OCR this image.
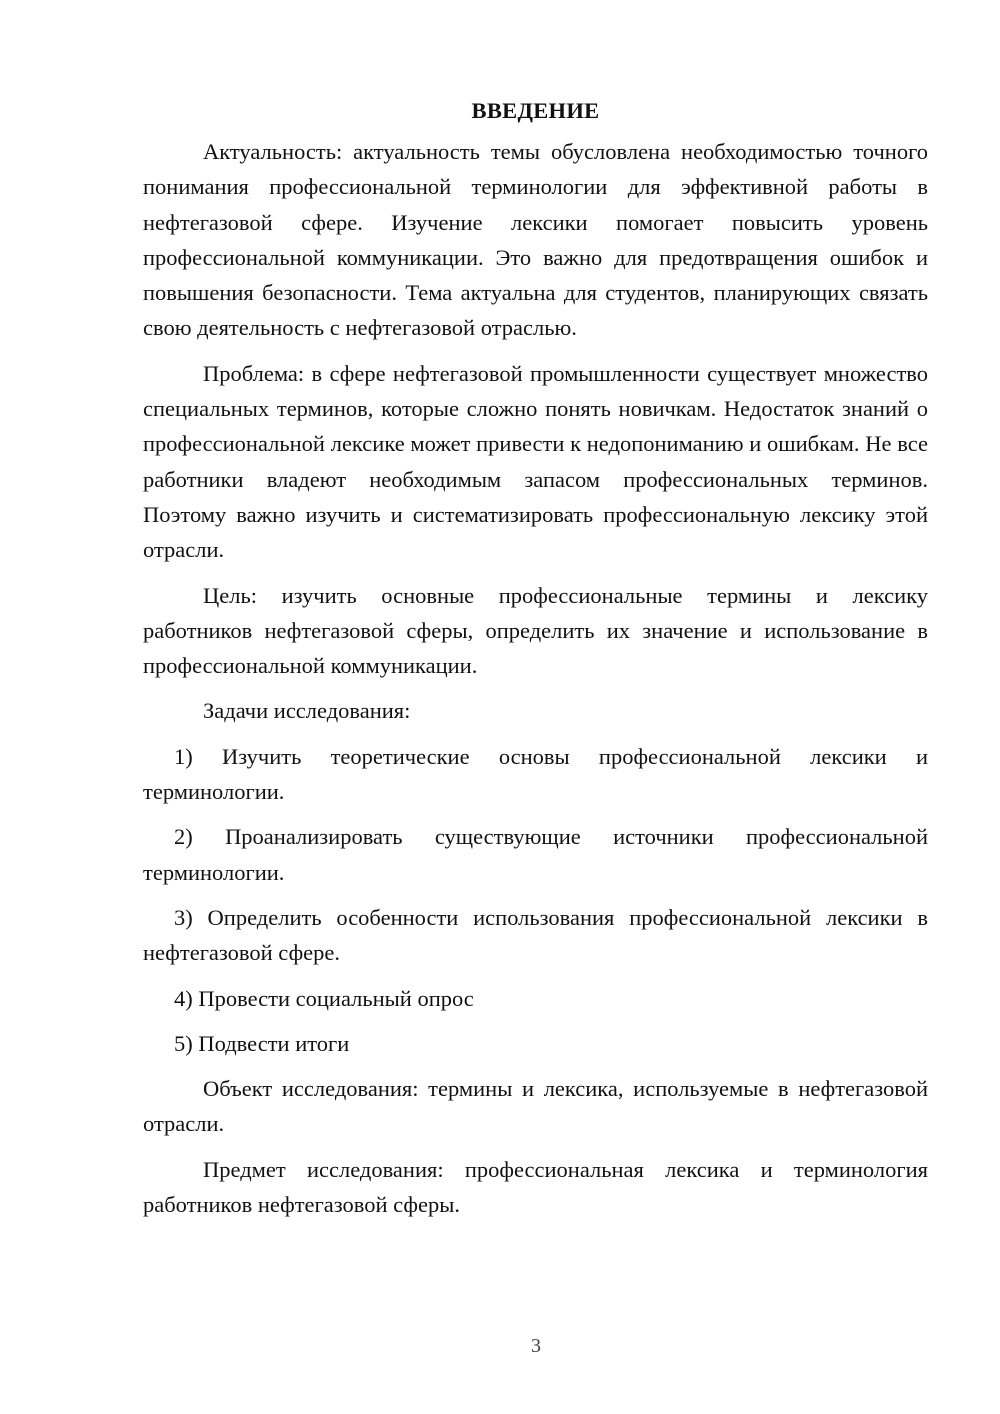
ВВЕДЕНИЕ

Актуальность: актуальность темы обусловлена необходимостью точного понимания профессиональной терминологии для эффективной работы в нефтегазовой сфере. Изучение лексики помогает повысить уровень профессиональной коммуникации. Это важно для предотвращения ошибок и повышения безопасности. Тема актуальна для студентов, планирующих связать свою деятельность с нефтегазовой отраслью.

Проблема: в сфере нефтегазовой промышленности существует множество специальных терминов, которые сложно понять новичкам. Недостаток знаний о профессиональной лексике может привести к недопониманию и ошибкам. Не все работники владеют необходимым запасом профессиональных терминов. Поэтому важно изучить и систематизировать профессиональную лексику этой отрасли.

Цель: изучить основные профессиональные термины и лексику работников нефтегазовой сферы, определить их значение и использование в профессиональной коммуникации.

Задачи исследования:

1) Изучить теоретические основы профессиональной лексики и терминологии.

2) Проанализировать существующие источники профессиональной терминологии.

3) Определить особенности использования профессиональной лексики в нефтегазовой сфере.

4) Провести социальный опрос

5) Подвести итоги

Объект исследования: термины и лексика, используемые в нефтегазовой отрасли.

Предмет исследования: профессиональная лексика и терминология работников нефтегазовой сферы.

3
